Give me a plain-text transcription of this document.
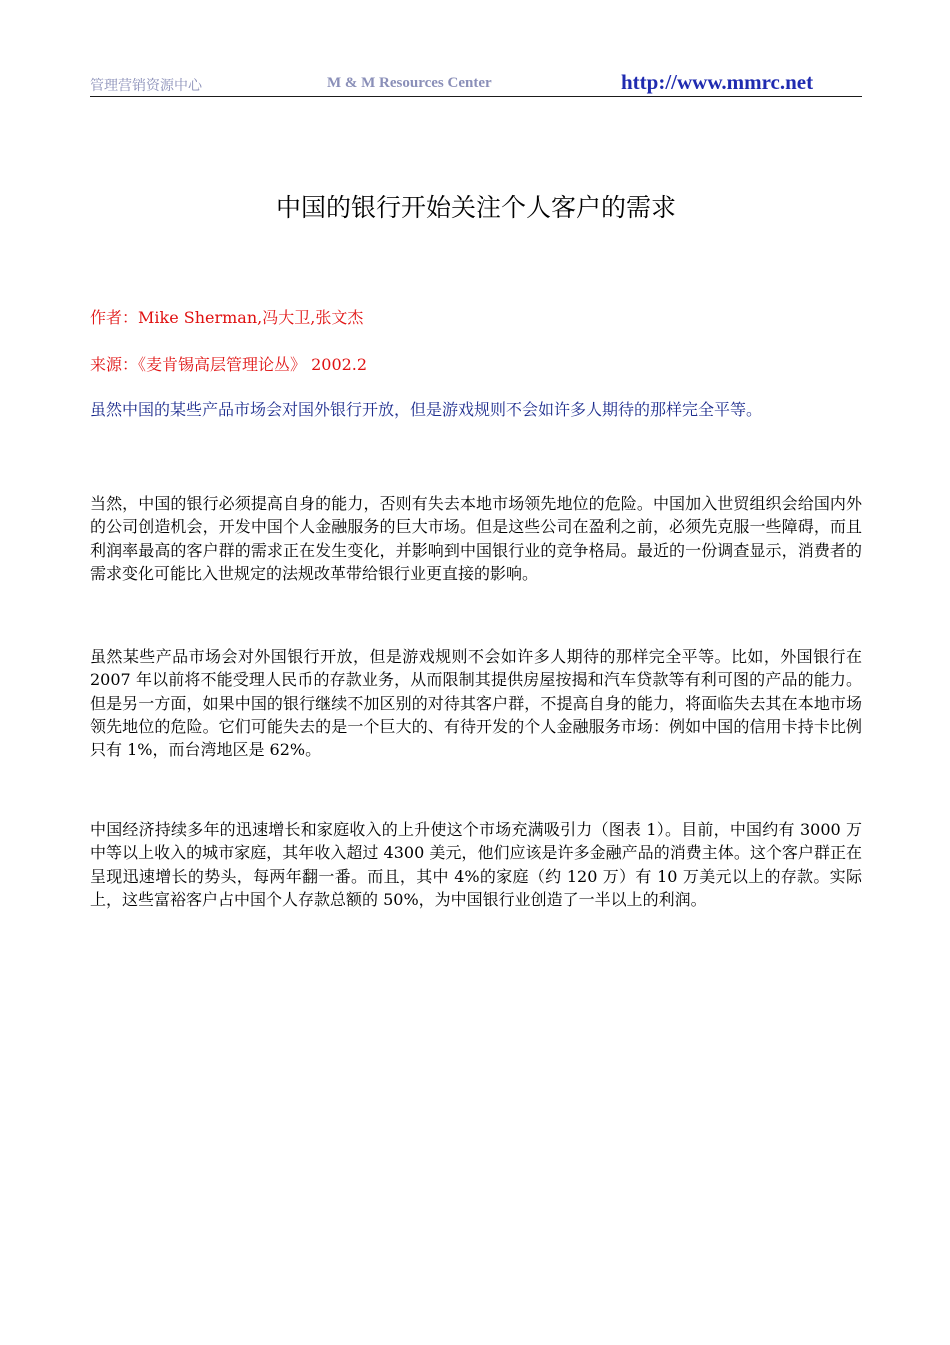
管理营销资源中心	M & M Resources Center	http://www.mmrc.net
中国的银行开始关注个人客户的需求
作者：Mike Sherman,冯大卫,张文杰
来源：《麦肯锡高层管理论丛》 2002.2
虽然中国的某些产品市场会对国外银行开放，但是游戏规则不会如许多人期待的那样完全平等。
当然，中国的银行必须提高自身的能力，否则有失去本地市场领先地位的危险。中国加入世贸组织会给国内外的公司创造机会，开发中国个人金融服务的巨大市场。但是这些公司在盈利之前，必须先克服一些障碍，而且利润率最高的客户群的需求正在发生变化，并影响到中国银行业的竞争格局。最近的一份调查显示，消费者的需求变化可能比入世规定的法规改革带给银行业更直接的影响。
虽然某些产品市场会对外国银行开放，但是游戏规则不会如许多人期待的那样完全平等。比如，外国银行在 2007 年以前将不能受理人民币的存款业务，从而限制其提供房屋按揭和汽车贷款等有利可图的产品的能力。但是另一方面，如果中国的银行继续不加区别的对待其客户群，不提高自身的能力，将面临失去其在本地市场领先地位的危险。它们可能失去的是一个巨大的、有待开发的个人金融服务市场：例如中国的信用卡持卡比例只有 1%，而台湾地区是 62%。
中国经济持续多年的迅速增长和家庭收入的上升使这个市场充满吸引力（图表 1）。目前，中国约有 3000 万中等以上收入的城市家庭，其年收入超过 4300 美元，他们应该是许多金融产品的消费主体。这个客户群正在呈现迅速增长的势头，每两年翻一番。而且，其中 4%的家庭（约 120 万）有 10 万美元以上的存款。实际上，这些富裕客户占中国个人存款总额的 50%，为中国银行业创造了一半以上的利润。
